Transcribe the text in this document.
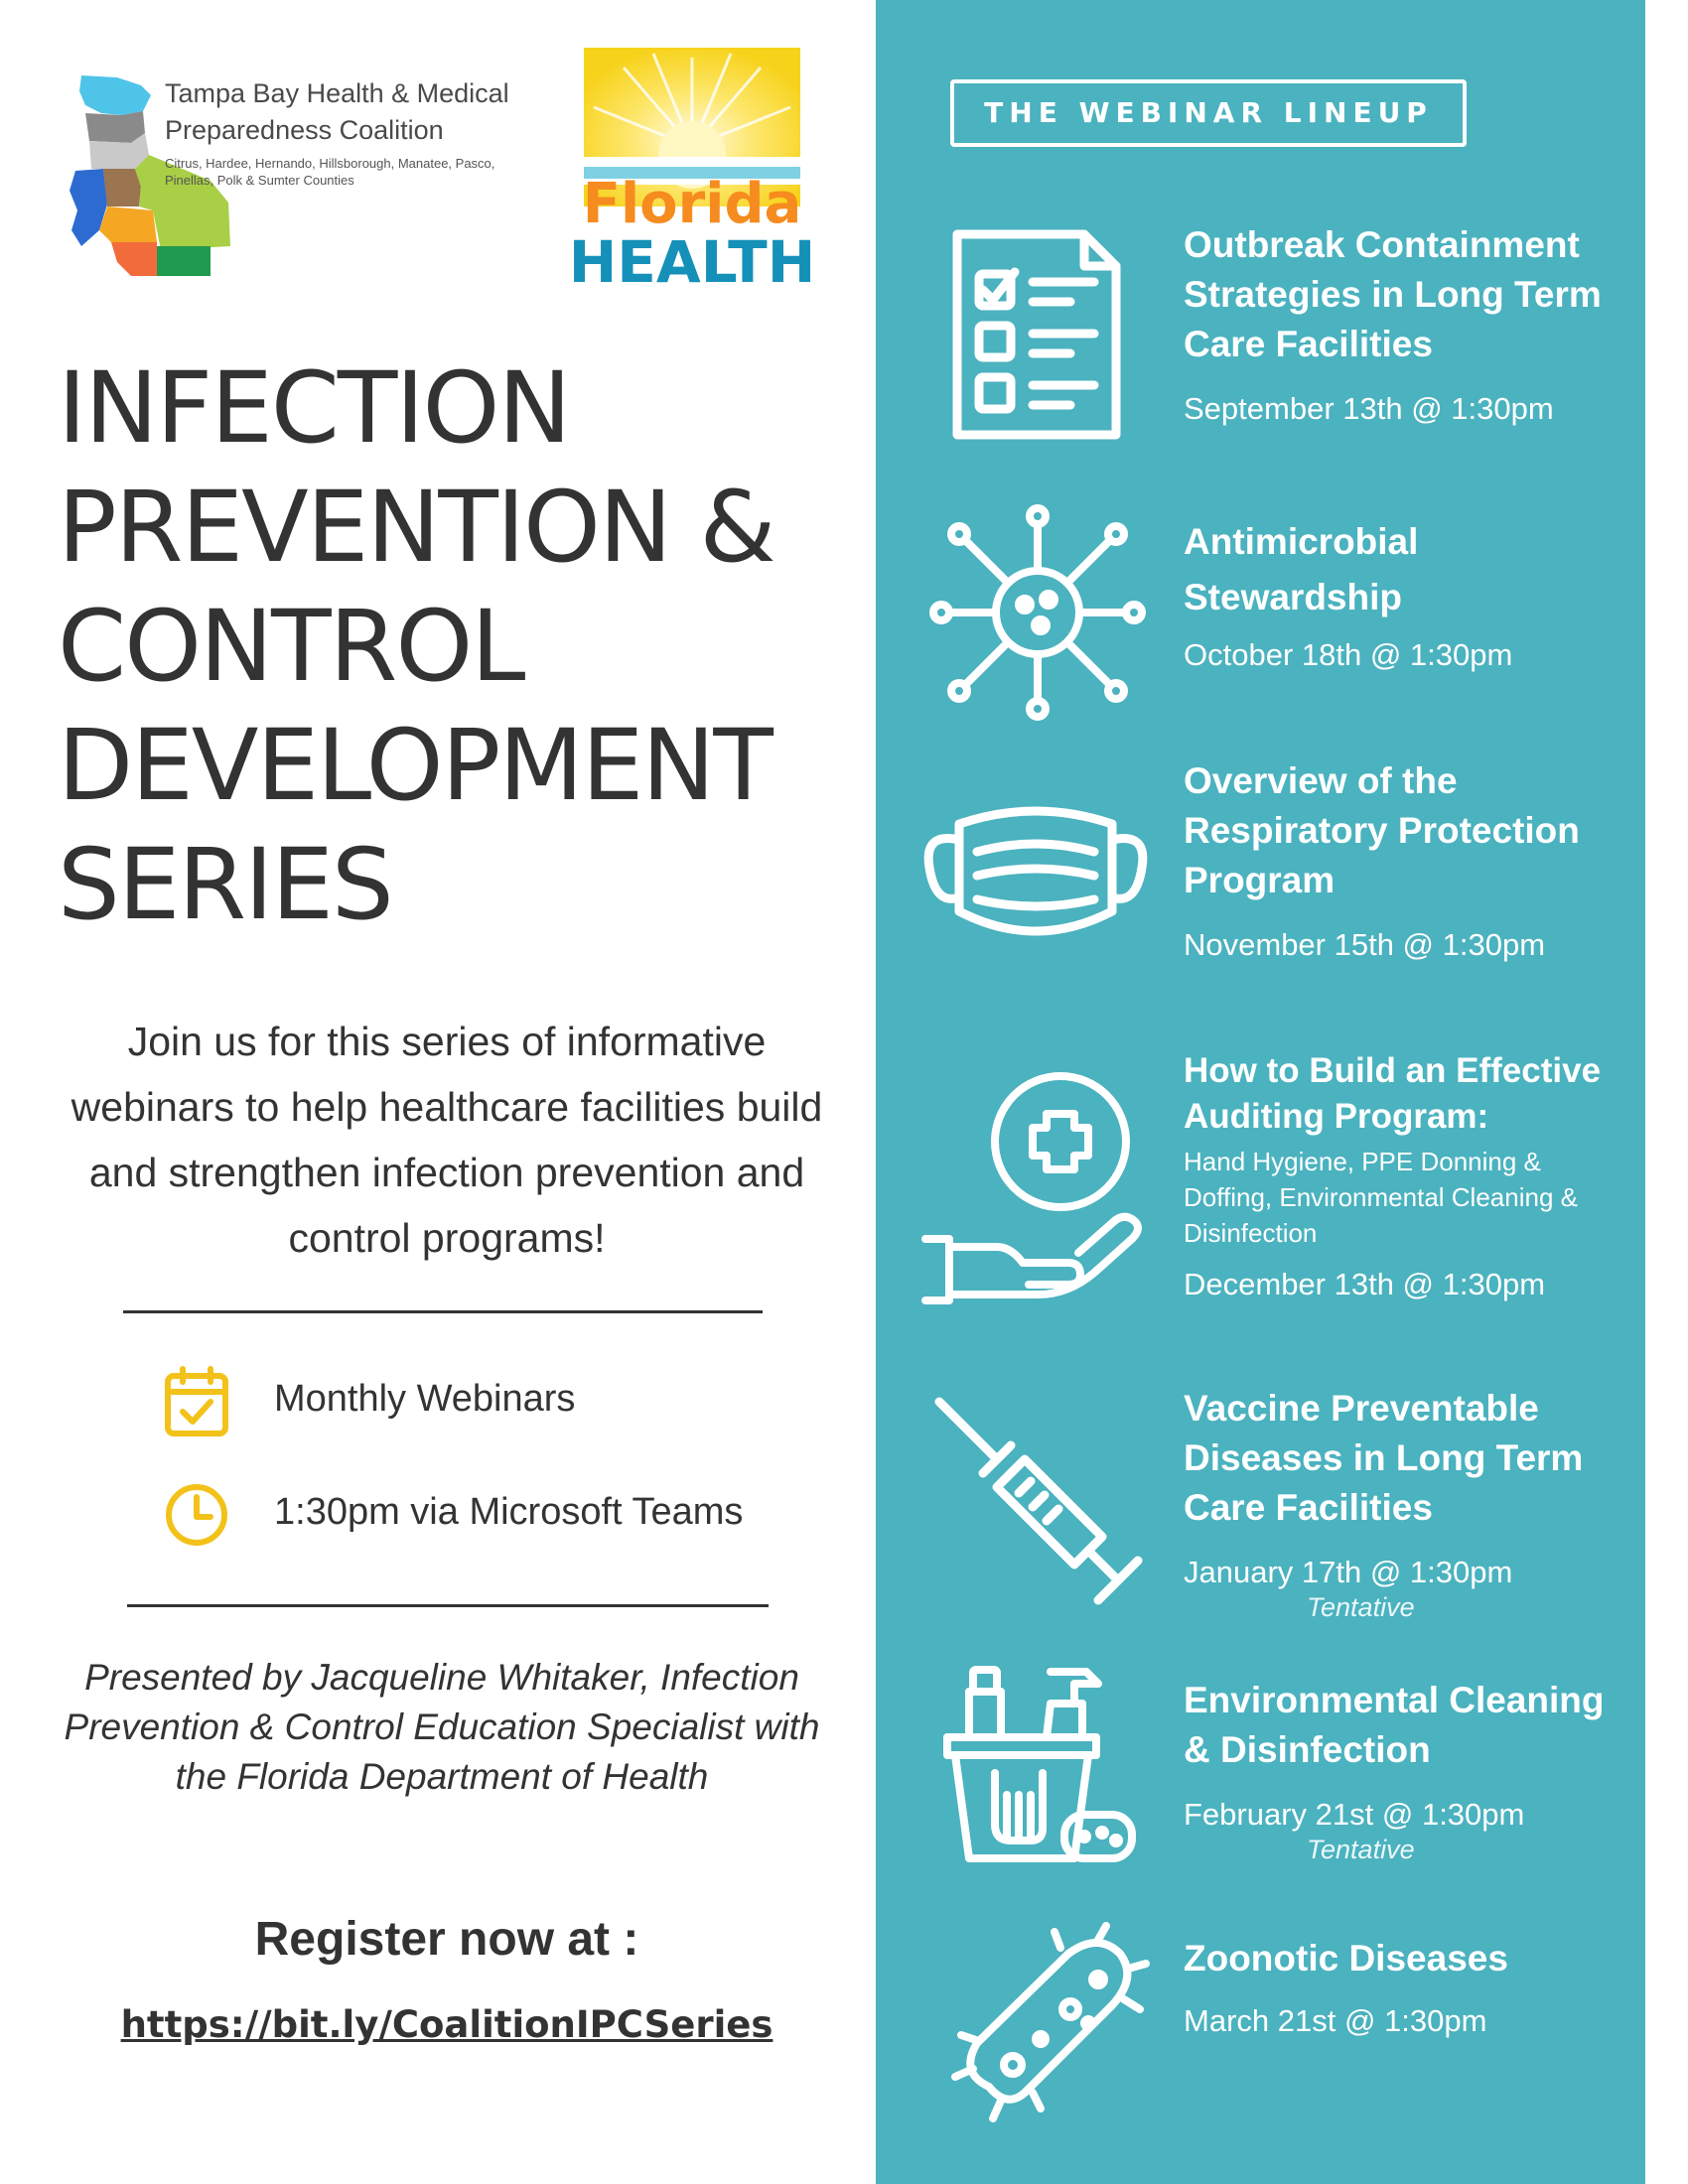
THE WEBINAR LINEUP
Outbreak Containment Strategies in Long Term Care Facilities
September 13th @ 1:30pm
Antimicrobial Stewardship
October 18th @ 1:30pm
Overview of the Respiratory Protection Program
November 15th @ 1:30pm
How to Build an Effective Auditing Program:
Hand Hygiene, PPE Donning & Doffing, Environmental Cleaning & Disinfection
December 13th @ 1:30pm
Vaccine Preventable Diseases in Long Term Care Facilities
January 17th @ 1:30pm
Tentative
Environmental Cleaning & Disinfection
February 21st @ 1:30pm
Tentative
Zoonotic Diseases
March 21st @ 1:30pm
Tampa Bay Health & Medical Preparedness Coalition
Citrus, Hardee, Hernando, Hillsborough, Manatee, Pasco, Pinellas, Polk & Sumter Counties	Florida
HEALTH
INFECTION
PREVENTION &
CONTROL
DEVELOPMENT
SERIES
Join us for this series of informative webinars to help healthcare facilities build and strengthen infection prevention and control programs!
Monthly Webinars
1:30pm via Microsoft Teams
Presented by Jacqueline Whitaker, Infection Prevention & Control Education Specialist with the Florida Department of Health
Register now at :
https://bit.ly/CoalitionIPCSeries
